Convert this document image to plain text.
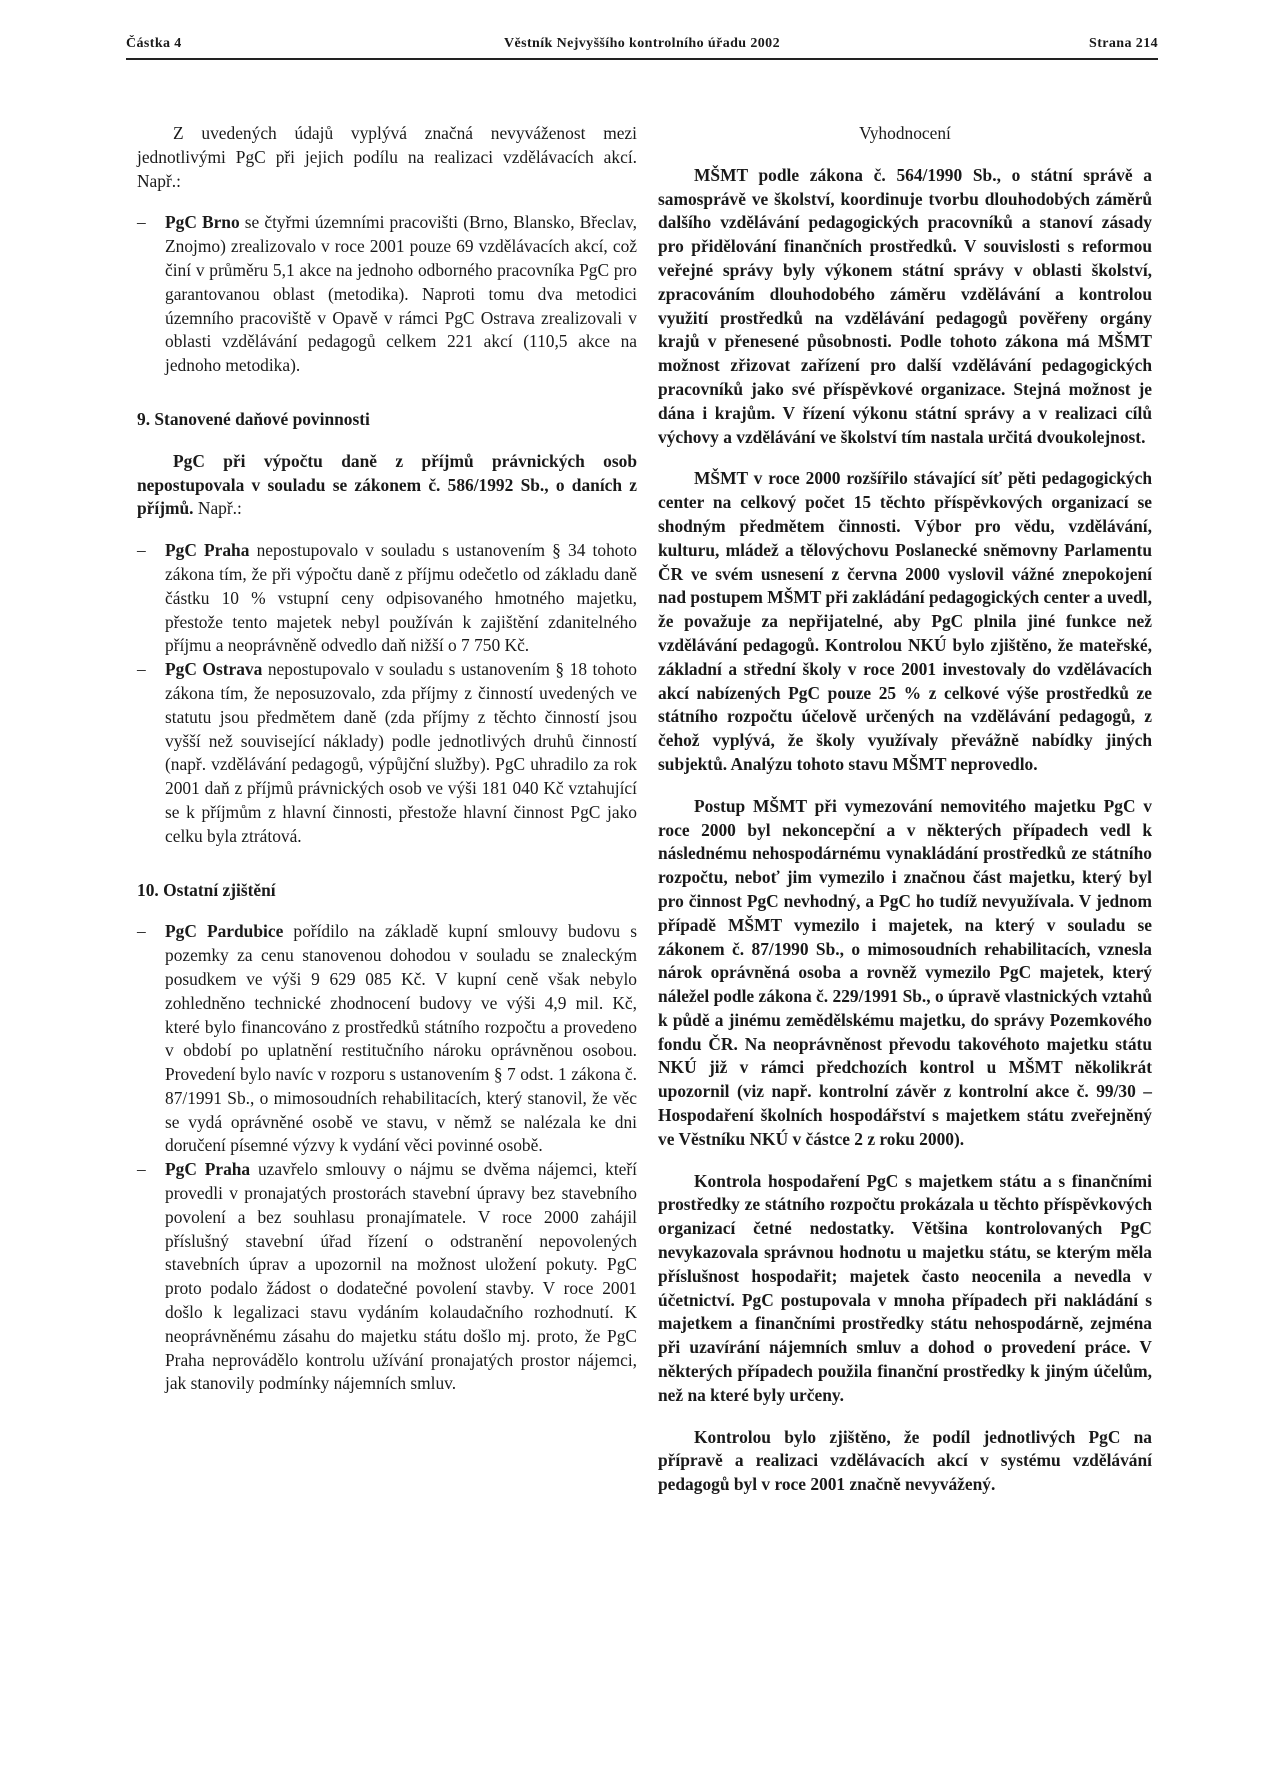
Částka 4	Věstník Nejvyššího kontrolního úřadu 2002	Strana 214

Z uvedených údajů vyplývá značná nevyváženost mezi jednotlivými PgC při jejich podílu na realizaci vzdělávacích akcí. Např.:

– PgC Brno se čtyřmi územními pracovišti (Brno, Blansko, Břeclav, Znojmo) zrealizovalo v roce 2001 pouze 69 vzdělávacích akcí, což činí v průměru 5,1 akce na jednoho odborného pracovníka PgC pro garantovanou oblast (metodika). Naproti tomu dva metodici územního pracoviště v Opavě v rámci PgC Ostrava zrealizovali v oblasti vzdělávání pedagogů celkem 221 akcí (110,5 akce na jednoho metodika).
9. Stanovené daňové povinnosti

PgC při výpočtu daně z příjmů právnických osob nepostupovala v souladu se zákonem č. 586/1992 Sb., o daních z příjmů. Např.:

– PgC Praha nepostupovalo v souladu s ustanovením § 34 tohoto zákona tím, že při výpočtu daně z příjmu odečetlo od základu daně částku 10 % vstupní ceny odpisovaného hmotného majetku, přestože tento majetek nebyl používán k zajištění zdanitelného příjmu a neoprávněně odvedlo daň nižší o 7 750 Kč.
– PgC Ostrava nepostupovalo v souladu s ustanovením § 18 tohoto zákona tím, že neposuzovalo, zda příjmy z činností uvedených ve statutu jsou předmětem daně (zda příjmy z těchto činností jsou vyšší než související náklady) podle jednotlivých druhů činností (např. vzdělávání pedagogů, výpůjční služby). PgC uhradilo za rok 2001 daň z příjmů právnických osob ve výši 181 040 Kč vztahující se k příjmům z hlavní činnosti, přestože hlavní činnost PgC jako celku byla ztrátová.
10. Ostatní zjištění
– PgC Pardubice pořídilo na základě kupní smlouvy budovu s pozemky za cenu stanovenou dohodou v souladu se znaleckým posudkem ve výši 9 629 085 Kč. V kupní ceně však nebylo zohledněno technické zhodnocení budovy ve výši 4,9 mil. Kč, které bylo financováno z prostředků státního rozpočtu a provedeno v období po uplatnění restitučního nároku oprávněnou osobou. Provedení bylo navíc v rozporu s ustanovením § 7 odst. 1 zákona č. 87/1991 Sb., o mimosoudních rehabilitacích, který stanovil, že věc se vydá oprávněné osobě ve stavu, v němž se nalézala ke dni doručení písemné výzvy k vydání věci povinné osobě.
– PgC Praha uzavřelo smlouvy o nájmu se dvěma nájemci, kteří provedli v pronajatých prostorách stavební úpravy bez stavebního povolení a bez souhlasu pronajímatele. V roce 2000 zahájil příslušný stavební úřad řízení o odstranění nepovolených stavebních úprav a upozornil na možnost uložení pokuty. PgC proto podalo žádost o dodatečné povolení stavby. V roce 2001 došlo k legalizaci stavu vydáním kolaudačního rozhodnutí. K neoprávněnému zásahu do majetku státu došlo mj. proto, že PgC Praha neprovádělo kontrolu užívání pronajatých prostor nájemci, jak stanovily podmínky nájemních smluv.
Vyhodnocení

MŠMT podle zákona č. 564/1990 Sb., o státní správě a samosprávě ve školství, koordinuje tvorbu dlouhodobých záměrů dalšího vzdělávání pedagogických pracovníků a stanoví zásady pro přidělování finančních prostředků. V souvislosti s reformou veřejné správy byly výkonem státní správy v oblasti školství, zpracováním dlouhodobého záměru vzdělávání a kontrolou využití prostředků na vzdělávání pedagogů pověřeny orgány krajů v přenesené působnosti. Podle tohoto zákona má MŠMT možnost zřizovat zařízení pro další vzdělávání pedagogických pracovníků jako své příspěvkové organizace. Stejná možnost je dána i krajům. V řízení výkonu státní správy a v realizaci cílů výchovy a vzdělávání ve školství tím nastala určitá dvoukolejnost.

MŠMT v roce 2000 rozšířilo stávající síť pěti pedagogických center na celkový počet 15 těchto příspěvkových organizací se shodným předmětem činnosti. Výbor pro vědu, vzdělávání, kulturu, mládež a tělovýchovu Poslanecké sněmovny Parlamentu ČR ve svém usnesení z června 2000 vyslovil vážné znepokojení nad postupem MŠMT při zakládání pedagogických center a uvedl, že považuje za nepřijatelné, aby PgC plnila jiné funkce než vzdělávání pedagogů. Kontrolou NKÚ bylo zjištěno, že mateřské, základní a střední školy v roce 2001 investovaly do vzdělávacích akcí nabízených PgC pouze 25 % z celkové výše prostředků ze státního rozpočtu účelově určených na vzdělávání pedagogů, z čehož vyplývá, že školy využívaly převážně nabídky jiných subjektů. Analýzu tohoto stavu MŠMT neprovedlo.

Postup MŠMT při vymezování nemovitého majetku PgC v roce 2000 byl nekoncepční a v některých případech vedl k následnému nehospodárnému vynakládání prostředků ze státního rozpočtu, neboť jim vymezilo i značnou část majetku, který byl pro činnost PgC nevhodný, a PgC ho tudíž nevyužívala. V jednom případě MŠMT vymezilo i majetek, na který v souladu se zákonem č. 87/1990 Sb., o mimosoudních rehabilitacích, vznesla nárok oprávněná osoba a rovněž vymezilo PgC majetek, který náležel podle zákona č. 229/1991 Sb., o úpravě vlastnických vztahů k půdě a jinému zemědělskému majetku, do správy Pozemkového fondu ČR. Na neoprávněnost převodu takovéhoto majetku státu NKÚ již v rámci předchozích kontrol u MŠMT několikrát upozornil (viz např. kontrolní závěr z kontrolní akce č. 99/30 – Hospodaření školních hospodářství s majetkem státu zveřejněný ve Věstníku NKÚ v částce 2 z roku 2000).

Kontrola hospodaření PgC s majetkem státu a s finančními prostředky ze státního rozpočtu prokázala u těchto příspěvkových organizací četné nedostatky. Většina kontrolovaných PgC nevykazovala správnou hodnotu u majetku státu, se kterým měla příslušnost hospodařit; majetek často neocenila a nevedla v účetnictví. PgC postupovala v mnoha případech při nakládání s majetkem a finančními prostředky státu nehospodárně, zejména při uzavírání nájemních smluv a dohod o provedení práce. V některých případech použila finanční prostředky k jiným účelům, než na které byly určeny.

Kontrolou bylo zjištěno, že podíl jednotlivých PgC na přípravě a realizaci vzdělávacích akcí v systému vzdělávání pedagogů byl v roce 2001 značně nevyvážený.
